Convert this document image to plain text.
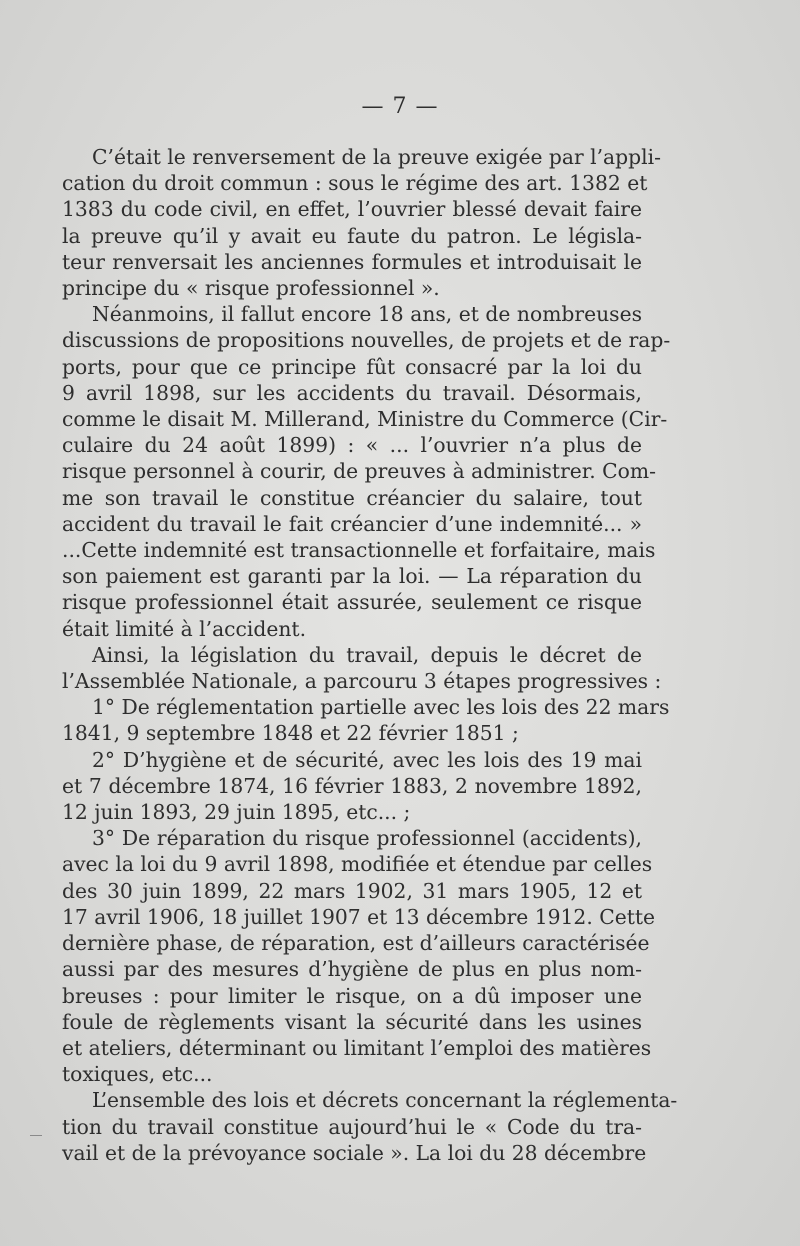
— 7 —

C’était le renversement de la preuve exigée par l’appli-
cation du droit commun : sous le régime des art. 1382 et
1383 du code civil, en effet, l’ouvrier blessé devait faire
la preuve qu’il y avait eu faute du patron. Le législa-
teur renversait les anciennes formules et introduisait le
principe du « risque professionnel ».

Néanmoins, il fallut encore 18 ans, et de nombreuses
discussions de propositions nouvelles, de projets et de rap-
ports, pour que ce principe fût consacré par la loi du
9 avril 1898, sur les accidents du travail. Désormais,
comme le disait M. Millerand, Ministre du Commerce (Cir-
culaire du 24 août 1899) : « ... l’ouvrier n’a plus de
risque personnel à courir, de preuves à administrer. Com-
me son travail le constitue créancier du salaire, tout
accident du travail le fait créancier d’une indemnité... »
...Cette indemnité est transactionnelle et forfaitaire, mais
son paiement est garanti par la loi. — La réparation du
risque professionnel était assurée, seulement ce risque
était limité à l’accident.

Ainsi, la législation du travail, depuis le décret de
l’Assemblée Nationale, a parcouru 3 étapes progressives :

1° De réglementation partielle avec les lois des 22 mars
1841, 9 septembre 1848 et 22 février 1851 ;

2° D’hygiène et de sécurité, avec les lois des 19 mai
et 7 décembre 1874, 16 février 1883, 2 novembre 1892,
12 juin 1893, 29 juin 1895, etc... ;

3° De réparation du risque professionnel (accidents),
avec la loi du 9 avril 1898, modifiée et étendue par celles
des 30 juin 1899, 22 mars 1902, 31 mars 1905, 12 et
17 avril 1906, 18 juillet 1907 et 13 décembre 1912. Cette
dernière phase, de réparation, est d’ailleurs caractérisée
aussi par des mesures d’hygiène de plus en plus nom-
breuses : pour limiter le risque, on a dû imposer une
foule de règlements visant la sécurité dans les usines
et ateliers, déterminant ou limitant l’emploi des matières
toxiques, etc...

L’ensemble des lois et décrets concernant la réglementa-
tion du travail constitue aujourd’hui le « Code du tra-
vail et de la prévoyance sociale ». La loi du 28 décembre
